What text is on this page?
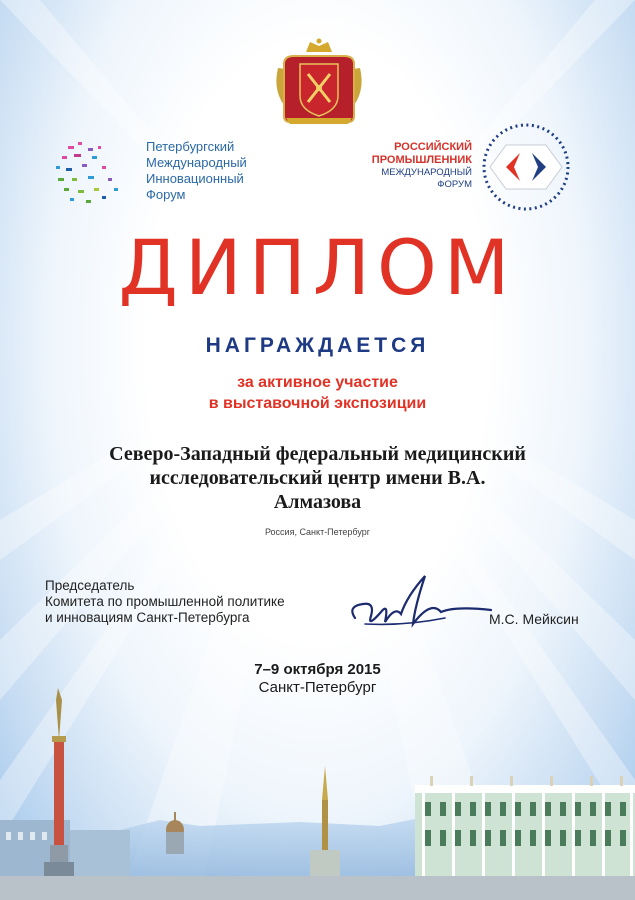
Петербургский
Международный
Инновационный
Форум
РОССИЙСКИЙ
ПРОМЫШЛЕННИК
МЕЖДУНАРОДНЫЙ
ФОРУМ
ДИПЛОМ
НАГРАЖДАЕТСЯ
за активное участие
в выставочной экспозиции
Северо-Западный федеральный медицинский
исследовательский центр имени В.А.
Алмазова
Россия, Санкт-Петербург
Председатель
Комитета по промышленной политике
и инновациям Санкт-Петербурга	М.С. Мейксин
7–9 октября 2015
Санкт-Петербург
